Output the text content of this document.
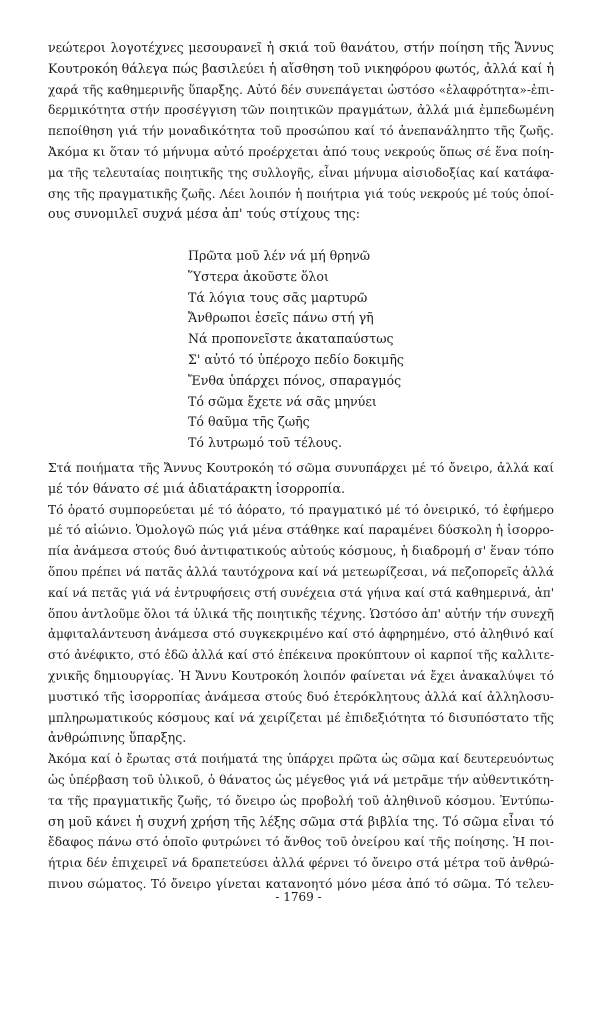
νεώτεροι λογοτέχνες μεσουρανεῖ ἡ σκιά τοῦ θανάτου, στήν ποίηση τῆς Ἄννυς
Κουτροκόη θάλεγα πώς βασιλεύει ἡ αἴσθηση τοῦ νικηφόρου φωτός, ἀλλά καί ἡ
χαρά τῆς καθημερινῆς ὕπαρξης. Αὐτό δέν συνεπάγεται ὡστόσο «ἐλαφρότητα»-ἐπι-
δερμικότητα στήν προσέγγιση τῶν ποιητικῶν πραγμάτων, ἀλλά μιά ἐμπεδωμένη
πεποίθηση γιά τήν μοναδικότητα τοῦ προσώπου καί τό ἀνεπανάληπτο τῆς ζωῆς.
Ἀκόμα κι ὅταν τό μήνυμα αὐτό προέρχεται ἀπό τους νεκρούς ὅπως σέ ἕνα ποίη-
μα τῆς τελευταίας ποιητικῆς της συλλογῆς, εἶναι μήνυμα αἰσιοδοξίας καί κατάφα-
σης τῆς πραγματικῆς ζωῆς. Λέει λοιπόν ἡ ποιήτρια γιά τούς νεκρούς μέ τούς ὁποί-
ους συνομιλεῖ συχνά μέσα ἀπ' τούς στίχους της:
Πρῶτα μοῦ λέν νά μή θρηνῶ
Ὕστερα ἀκοῦστε ὅλοι
Τά λόγια τους σᾶς μαρτυρῶ
Ἄνθρωποι ἐσεῖς πάνω στή γῆ
Νά προπονεῖστε ἀκαταπαύστως
Σ' αὐτό τό ὑπέροχο πεδίο δοκιμῆς
Ἔνθα ὑπάρχει πόνος, σπαραγμός
Τό σῶμα ἔχετε νά σᾶς μηνύει
Τό θαῦμα τῆς ζωῆς
Τό λυτρωμό τοῦ τέλους.
Στά ποιήματα τῆς Ἄννυς Κουτροκόη τό σῶμα συνυπάρχει μέ τό ὄνειρο, ἀλλά καί
μέ τόν θάνατο σέ μιά ἀδιατάρακτη ἰσορροπία.
Τό ὁρατό συμπορεύεται μέ τό ἀόρατο, τό πραγματικό μέ τό ὀνειρικό, τό ἐφήμερο
μέ τό αἰώνιο. Ὁμολογῶ πώς γιά μένα στάθηκε καί παραμένει δύσκολη ἡ ἰσορρο-
πία ἀνάμεσα στούς δυό ἀντιφατικούς αὐτούς κόσμους, ἡ διαδρομή σ' ἕναν τόπο
ὅπου πρέπει νά πατᾶς ἀλλά ταυτόχρονα καί νά μετεωρίζεσαι, νά πεζοπορεῖς ἀλλά
καί νά πετᾶς γιά νά ἐντρυφήσεις στή συνέχεια στά γήινα καί στά καθημερινά, ἀπ'
ὅπου ἀντλοῦμε ὅλοι τά ὑλικά τῆς ποιητικῆς τέχνης. Ὡστόσο ἀπ' αὐτήν τήν συνεχῆ
ἀμφιταλάντευση ἀνάμεσα στό συγκεκριμένο καί στό ἀφηρημένο, στό ἀληθινό καί
στό ἀνέφικτο, στό ἐδῶ ἀλλά καί στό ἐπέκεινα προκύπτουν οἱ καρποί τῆς καλλιτε-
χνικῆς δημιουργίας. Ἡ Ἄννυ Κουτροκόη λοιπόν φαίνεται νά ἔχει ἀνακαλύψει τό
μυστικό τῆς ἰσορροπίας ἀνάμεσα στούς δυό ἑτερόκλητους ἀλλά καί ἀλληλοσυ-
μπληρωματικούς κόσμους καί νά χειρίζεται μέ ἐπιδεξιότητα τό δισυπόστατο τῆς
ἀνθρώπινης ὕπαρξης.
Ἀκόμα καί ὁ ἔρωτας στά ποιήματά της ὑπάρχει πρῶτα ὡς σῶμα καί δευτερευόντως
ὡς ὑπέρβαση τοῦ ὑλικοῦ, ὁ θάνατος ὡς μέγεθος γιά νά μετρᾶμε τήν αὐθεντικότη-
τα τῆς πραγματικῆς ζωῆς, τό ὄνειρο ὡς προβολή τοῦ ἀληθινοῦ κόσμου. Ἐντύπω-
ση μοῦ κάνει ἡ συχνή χρήση τῆς λέξης σῶμα στά βιβλία της. Τό σῶμα εἶναι τό
ἔδαφος πάνω στό ὁποῖο φυτρώνει τό ἄνθος τοῦ ὀνείρου καί τῆς ποίησης. Ἡ ποι-
ήτρια δέν ἐπιχειρεῖ νά δραπετεύσει ἀλλά φέρνει τό ὄνειρο στά μέτρα τοῦ ἀνθρώ-
πινου σώματος. Τό ὄνειρο γίνεται κατανοητό μόνο μέσα ἀπό τό σῶμα. Τό τελευ-
- 1769 -
